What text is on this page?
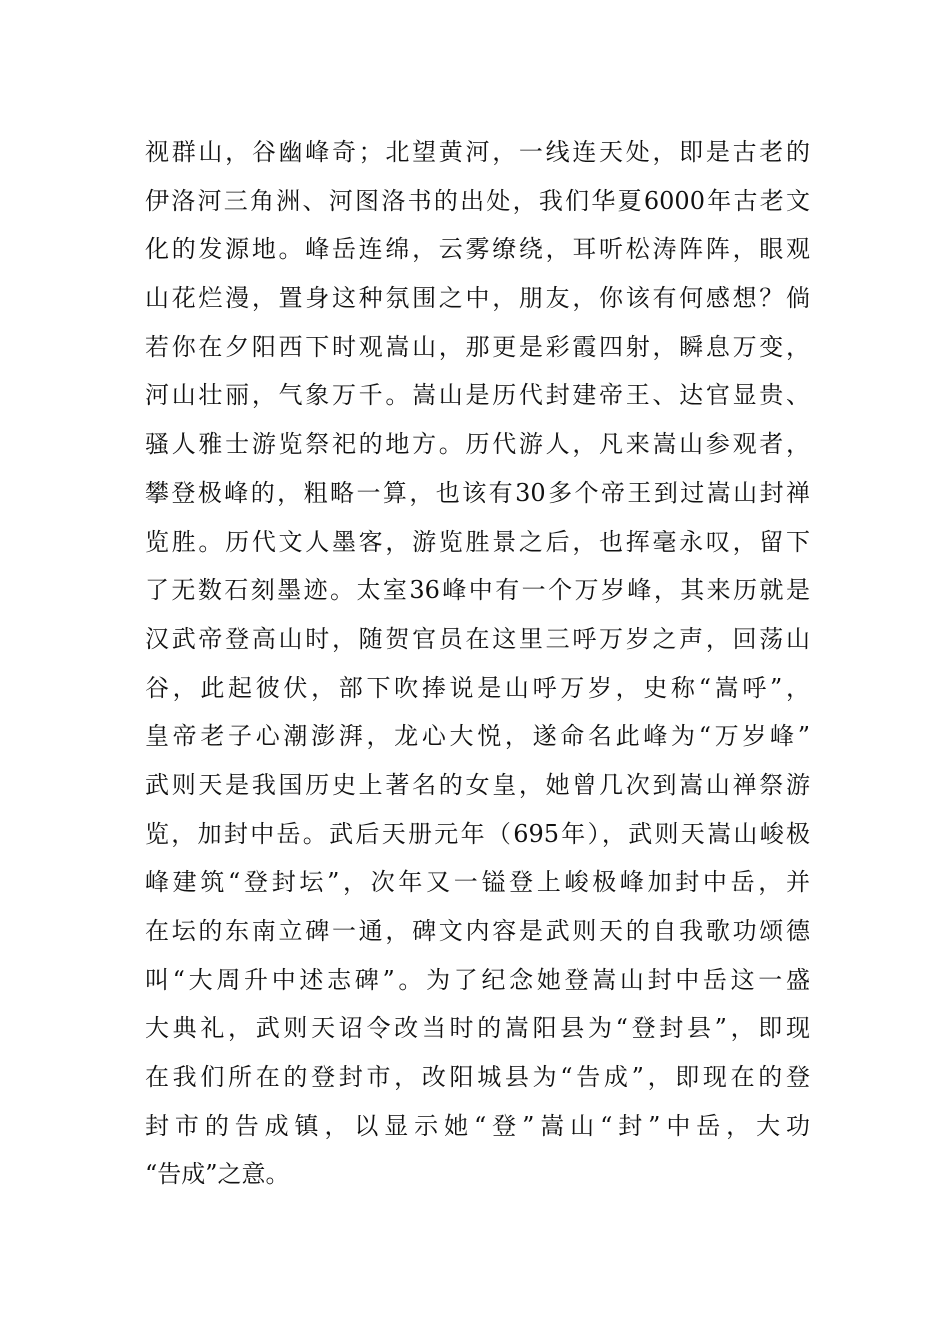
视群山，谷幽峰奇；北望黄河，一线连天处，即是古老的
伊洛河三角洲、河图洛书的出处，我们华夏6000年古老文
化的发源地。峰岳连绵，云雾缭绕，耳听松涛阵阵，眼观
山花烂漫，置身这种氛围之中，朋友，你该有何感想？倘
若你在夕阳西下时观嵩山，那更是彩霞四射，瞬息万变，
河山壮丽，气象万千。嵩山是历代封建帝王、达官显贵、
骚人雅士游览祭祀的地方。历代游人，凡来嵩山参观者，
攀登极峰的，粗略一算，也该有30多个帝王到过嵩山封禅
览胜。历代文人墨客，游览胜景之后，也挥毫永叹，留下
了无数石刻墨迹。太室36峰中有一个万岁峰，其来历就是
汉武帝登高山时，随贺官员在这里三呼万岁之声，回荡山
谷，此起彼伏，部下吹捧说是山呼万岁，史称“嵩呼”，
皇帝老子心潮澎湃，龙心大悦，遂命名此峰为“万岁峰”
武则天是我国历史上著名的女皇，她曾几次到嵩山禅祭游
览，加封中岳。武后天册元年（695年），武则天嵩山峻极
峰建筑“登封坛”，次年又一镒登上峻极峰加封中岳，并
在坛的东南立碑一通，碑文内容是武则天的自我歌功颂德
叫“大周升中述志碑”。为了纪念她登嵩山封中岳这一盛
大典礼，武则天诏令改当时的嵩阳县为“登封县”，即现
在我们所在的登封市，改阳城县为“告成”，即现在的登
封市的告成镇，以显示她“登”嵩山“封”中岳，大功
“告成”之意。
